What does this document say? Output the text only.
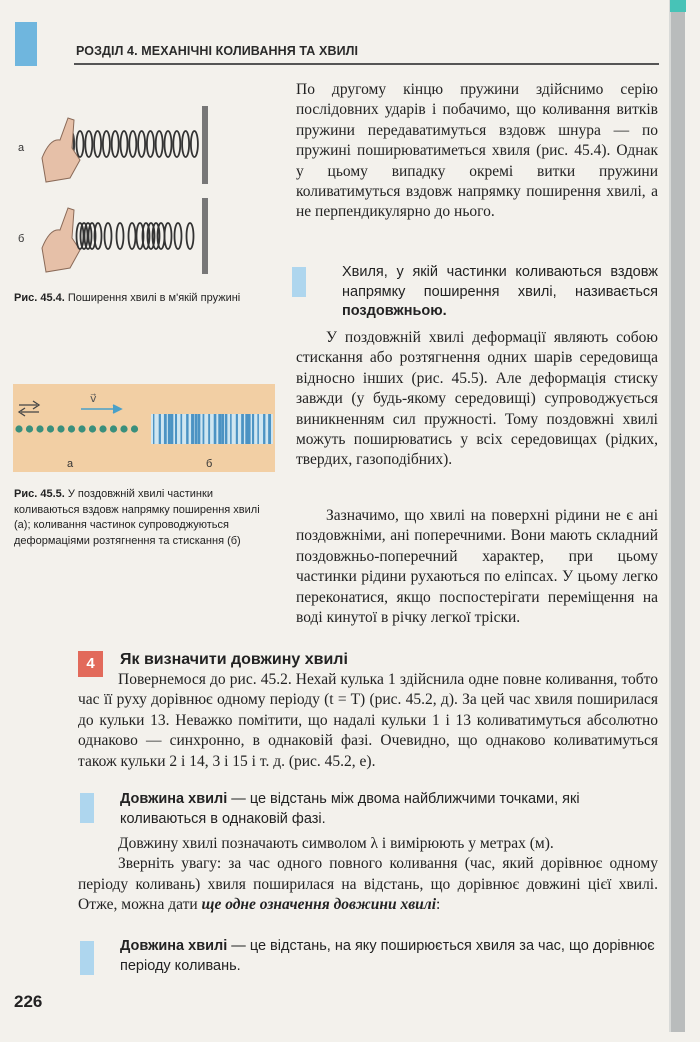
РОЗДІЛ 4. МЕХАНІЧНІ КОЛИВАННЯ ТА ХВИЛІ
а
б

Рис. 45.4. Поширення хвилі в м'якій пружині

v⃗
а	б

Рис. 45.5. У поздовжній хвилі частинки коливаються вздовж напрямку поширення хвилі (а); коливання частинок супроводжуються деформаціями розтягнення та стискання (б)

По другому кінцю пружини здійснимо серію послідовних ударів і побачимо, що коливання витків пружини передаватимуться вздовж шнура — по пружині поширюватиметься хвиля (рис. 45.4). Однак у цьому випадку окремі витки пружини коливатимуться вздовж напрямку поширення хвилі, а не перпендикулярно до нього.

Хвиля, у якій частинки коливаються вздовж напрямку поширення хвилі, називається поздовжньою.

У поздовжній хвилі деформації являють собою стискання або розтягнення одних шарів середовища відносно інших (рис. 45.5). Але деформація стиску завжди (у будь-якому середовищі) супроводжується виникненням сил пружності. Тому поздовжні хвилі можуть поширюватись у всіх середовищах (рідких, твердих, газоподібних).

Зазначимо, що хвилі на поверхні рідини не є ані поздовжніми, ані поперечними. Вони мають складний поздовжньо-поперечний характер, при цьому частинки рідини рухаються по еліпсах. У цьому легко переконатися, якщо поспостерігати переміщення на воді кинутої в річку легкої тріски.

4	Як визначити довжину хвилі

Повернемося до рис. 45.2. Нехай кулька 1 здійснила одне повне коливання, тобто час її руху дорівнює одному періоду (t = T) (рис. 45.2, д). За цей час хвиля поширилася до кульки 13. Неважко помітити, що надалі кульки 1 і 13 коливатимуться абсолютно однаково — синхронно, в однаковій фазі. Очевидно, що однаково коливатимуться також кульки 2 і 14, 3 і 15 і т. д. (рис. 45.2, е).

Довжина хвилі — це відстань між двома найближчими точками, які коливаються в однаковій фазі.

Довжину хвилі позначають символом λ і вимірюють у метрах (м).

Зверніть увагу: за час одного повного коливання (час, який дорівнює одному періоду коливань) хвиля поширилася на відстань, що дорівнює довжині цієї хвилі. Отже, можна дати ще одне означення довжини хвилі:

Довжина хвилі — це відстань, на яку поширюється хвиля за час, що дорівнює періоду коливань.

226
